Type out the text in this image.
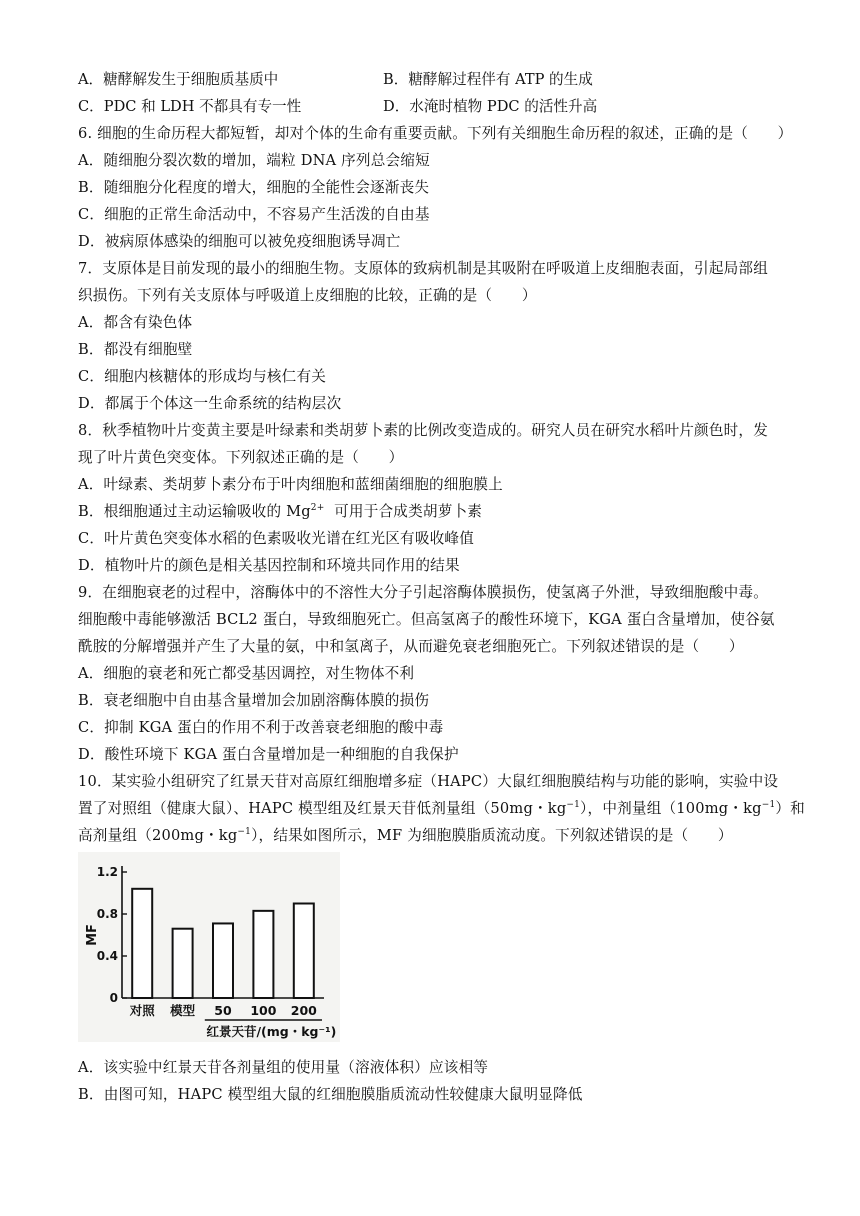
A．糖酵解发生于细胞质基质中	B．糖酵解过程伴有 ATP 的生成
C．PDC 和 LDH 不都具有专一性	D．水淹时植物 PDC 的活性升高
6. 细胞的生命历程大都短暂，却对个体的生命有重要贡献。下列有关细胞生命历程的叙述，正确的是（　　）
A．随细胞分裂次数的增加，端粒 DNA 序列总会缩短
B．随细胞分化程度的增大，细胞的全能性会逐渐丧失
C．细胞的正常生命活动中，不容易产生活泼的自由基
D．被病原体感染的细胞可以被免疫细胞诱导凋亡
7．支原体是目前发现的最小的细胞生物。支原体的致病机制是其吸附在呼吸道上皮细胞表面，引起局部组
织损伤。下列有关支原体与呼吸道上皮细胞的比较，正确的是（　　）
A．都含有染色体
B．都没有细胞壁
C．细胞内核糖体的形成均与核仁有关
D．都属于个体这一生命系统的结构层次
8．秋季植物叶片变黄主要是叶绿素和类胡萝卜素的比例改变造成的。研究人员在研究水稻叶片颜色时，发
现了叶片黄色突变体。下列叙述正确的是（　　）
A．叶绿素、类胡萝卜素分布于叶肉细胞和蓝细菌细胞的细胞膜上
B．根细胞通过主动运输吸收的 $Mg^{2+}$  可用于合成类胡萝卜素
C．叶片黄色突变体水稻的色素吸收光谱在红光区有吸收峰值
D．植物叶片的颜色是相关基因控制和环境共同作用的结果
9．在细胞衰老的过程中，溶酶体中的不溶性大分子引起溶酶体膜损伤，使氢离子外泄，导致细胞酸中毒。
细胞酸中毒能够激活 BCL2 蛋白，导致细胞死亡。但高氢离子的酸性环境下，KGA 蛋白含量增加，使谷氨
酰胺的分解增强并产生了大量的氨，中和氢离子，从而避免衰老细胞死亡。下列叙述错误的是（　　）
A．细胞的衰老和死亡都受基因调控，对生物体不利
B．衰老细胞中自由基含量增加会加剧溶酶体膜的损伤
C．抑制 KGA 蛋白的作用不利于改善衰老细胞的酸中毒
D．酸性环境下 KGA 蛋白含量增加是一种细胞的自我保护
10．某实验小组研究了红景天苷对高原红细胞增多症（HAPC）大鼠红细胞膜结构与功能的影响，实验中设
置了对照组（健康大鼠）、HAPC 模型组及红景天苷低剂量组（50mg・$kg^{-1}$），中剂量组（100mg・$kg^{-1}$）和
高剂量组（200mg・$kg^{-1}$），结果如图所示，MF 为细胞膜脂质流动度。下列叙述错误的是（　　）
0
0.4
0.8
1.2
MF
对照 模型 50 100 200
红景天苷/(mg・kg⁻¹)
A．该实验中红景天苷各剂量组的使用量（溶液体积）应该相等
B．由图可知，HAPC 模型组大鼠的红细胞膜脂质流动性较健康大鼠明显降低
